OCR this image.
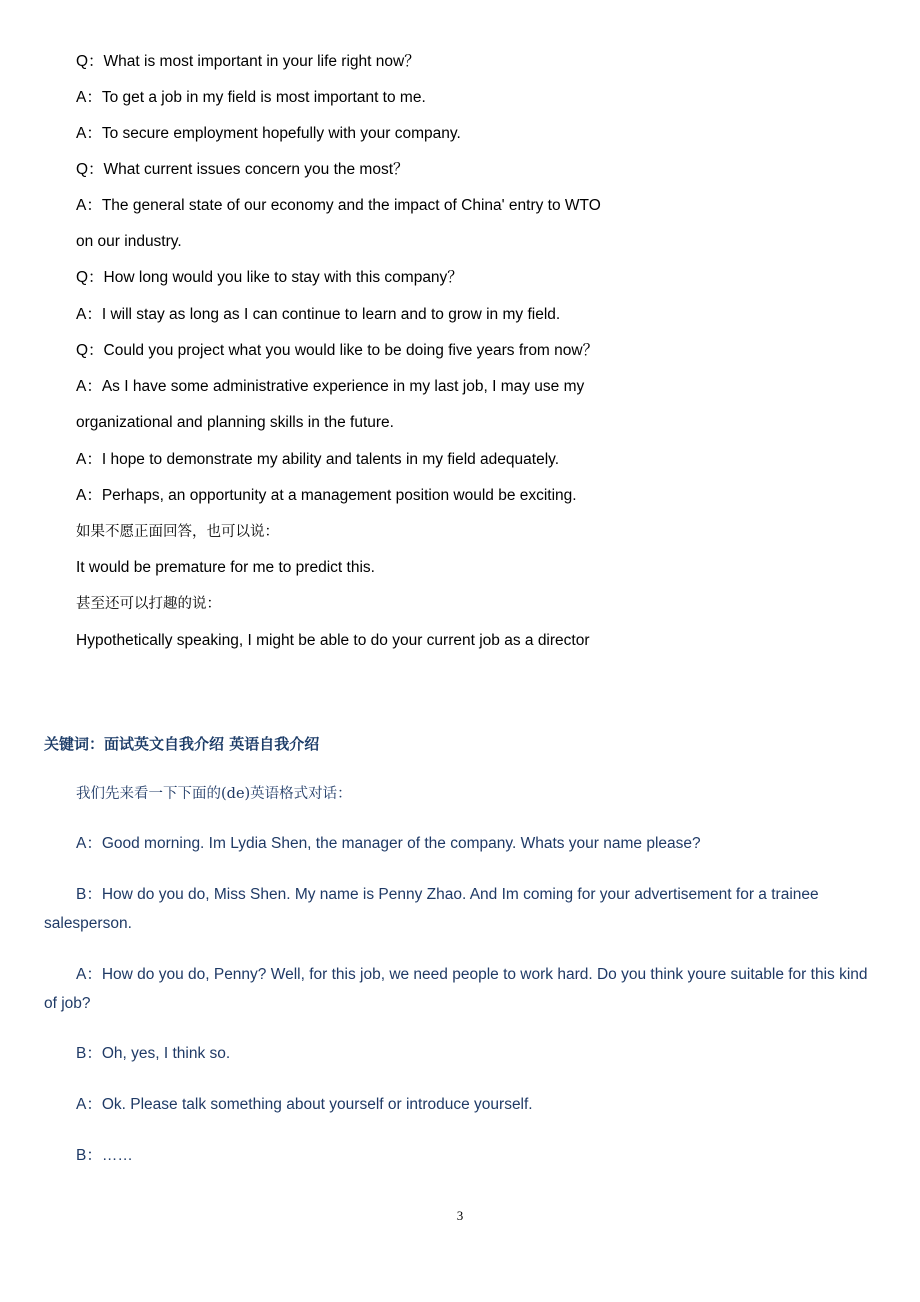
Q：What is most important in your life right now？
A：To get a job in my field is most important to me.
A：To secure employment hopefully with your company.
Q：What current issues concern you the most？
A：The general state of our economy and the impact of China' entry to WTO
on our industry.
Q：How long would you like to stay with this company？
A：I will stay as long as I can continue to learn and to grow in my field.
Q：Could you project what you would like to be doing five years from now？
A：As I have some administrative experience in my last job, I may use my
organizational and planning skills in the future.
A：I hope to demonstrate my ability and talents in my field adequately.
A：Perhaps, an opportunity at a management position would be exciting.
如果不愿正面回答，也可以说：
It would be premature for me to predict this.
甚至还可以打趣的说：
Hypothetically speaking, I might be able to do your current job as a director
关键词：面试英文自我介绍 英语自我介绍
我们先来看一下下面的(de)英语格式对话：
A：Good morning. Im Lydia Shen, the manager of the company. Whats your name please?
B：How do you do, Miss Shen. My name is Penny Zhao. And Im coming for your advertisement for a trainee salesperson.
A：How do you do, Penny? Well, for this job, we need people to work hard. Do you think youre suitable for this kind of job?
B：Oh, yes, I think so.
A：Ok. Please talk something about yourself or introduce yourself.
B：……
3
